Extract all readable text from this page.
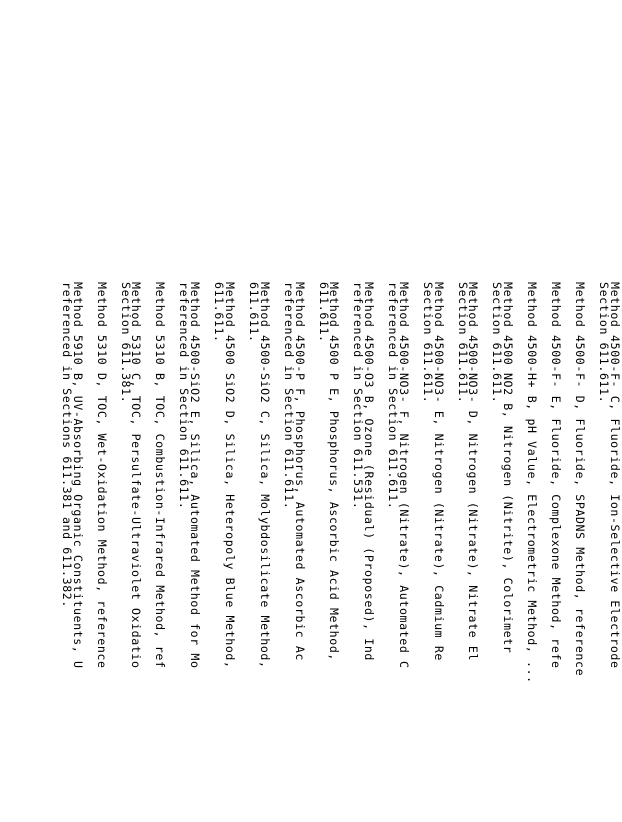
Method 4500-F- C, Fluoride, Ion-Selective Electrode
Section 611.611.
Method 4500-F- D, Fluoride, SPADNS Method, reference
Method 4500-F- E, Fluoride, Complexone Method, refe
Method 4500-H+ B, pH Value, Electrometric Method, ...
Method 4500 NO2 B, Nitrogen (Nitrite), Colorimetr
Section 611.611.
Method 4500-NO3- D, Nitrogen (Nitrate), Nitrate El
Section 611.611.
Method 4500-NO3- E, Nitrogen (Nitrate), Cadmium Re
Section 611.611.
Method 4500-NO3- F, Nitrogen (Nitrate), Automated C
referenced in Section 611.611.
Method 4500-O3 B, Ozone (Residual) (Proposed), Ind
referenced in Section 611.531.
Method 4500 P E, Phosphorus, Ascorbic Acid Method,
611.611.
Method 4500-P F, Phosphorus, Automated Ascorbic Ac
referenced in Section 611.611.
Method 4500-SiO2 C, Silica, Molybdosilicate Method,
611.611.
Method 4500 SiO2 D, Silica, Heteropoly Blue Method,
611.611.
Method 4500-SiO2 E, Silica, Automated Method for Mo
referenced in Section 611.611.
Method 5310 B, TOC, Combustion-Infrared Method, ref
Method 5310 C, TOC, Persulfate-Ultraviolet Oxidatio
Section 611.381.
Method 5310 D, TOC, Wet-Oxidation Method, reference
Method 5910 B, UV-Absorbing Organic Constituents, U
referenced in Sections 611.381 and 611.382.
